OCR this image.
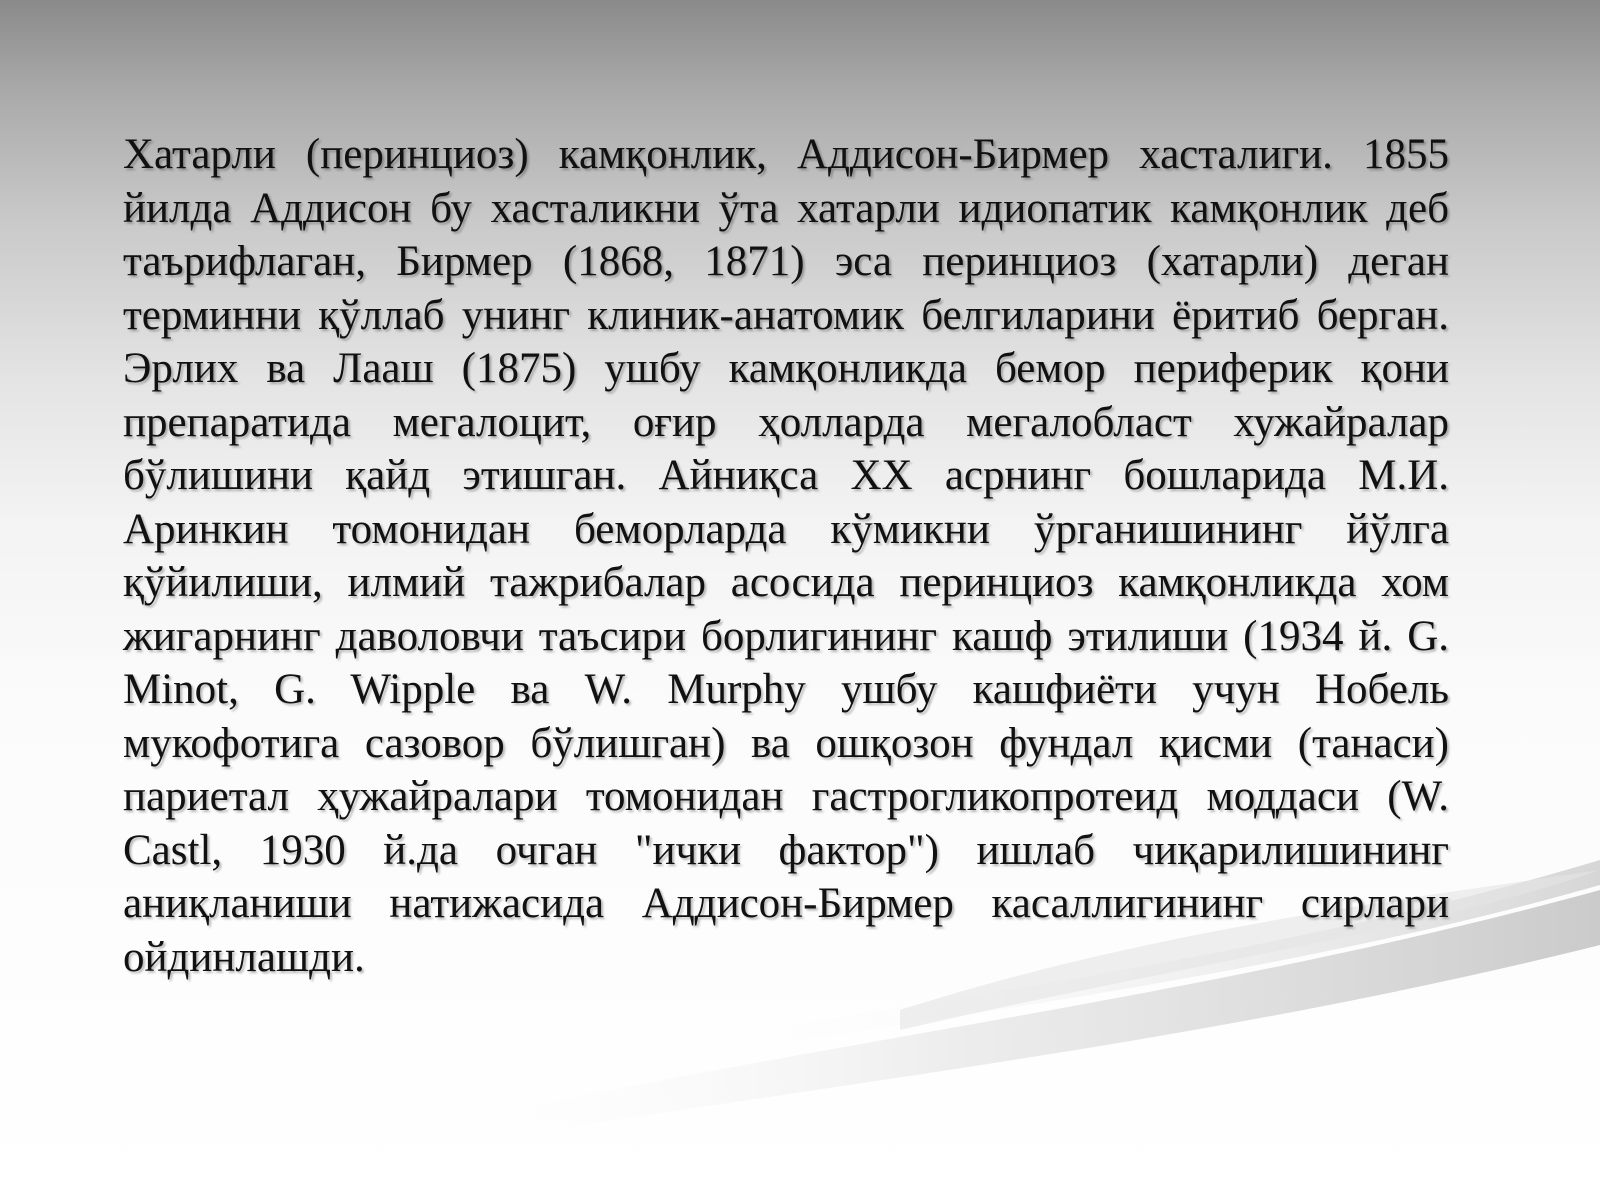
Хатарли (перинциоз) камқонлик, Аддисон-Бирмер хасталиги. 1855 йилда Аддисон бу хасталикни ўта хатарли идиопатик камқонлик деб таърифлаган, Бирмер (1868, 1871) эса перинциоз (хатарли) деган терминни қўллаб унинг клиник-анатомик белгиларини ёритиб берган. Эрлих ва Лааш (1875) ушбу камқонликда бемор периферик қони препаратида мегалоцит, оғир ҳолларда мегалобласт хужайралар бўлишини қайд этишган. Айниқса XX асрнинг бошларида М.И. Аринкин томонидан беморларда кўмикни ўрганишининг йўлга қўйилиши, илмий тажрибалар асосида перинциоз камқонликда хом жигарнинг даволовчи таъсири борлигининг кашф этилиши (1934 й. G. Minot, G. Wipple ва W. Murphy ушбу кашфиёти учун Нобель мукофотига сазовор бўлишган) ва ошқозон фундал қисми (танаси) париетал ҳужайралари томонидан гастрогликопротеид моддаси (W. Castl, 1930 й.да очган "ички фактор") ишлаб чиқарилишининг аниқланиши натижасида Аддисон-Бирмер касаллигининг сирлари ойдинлашди.
